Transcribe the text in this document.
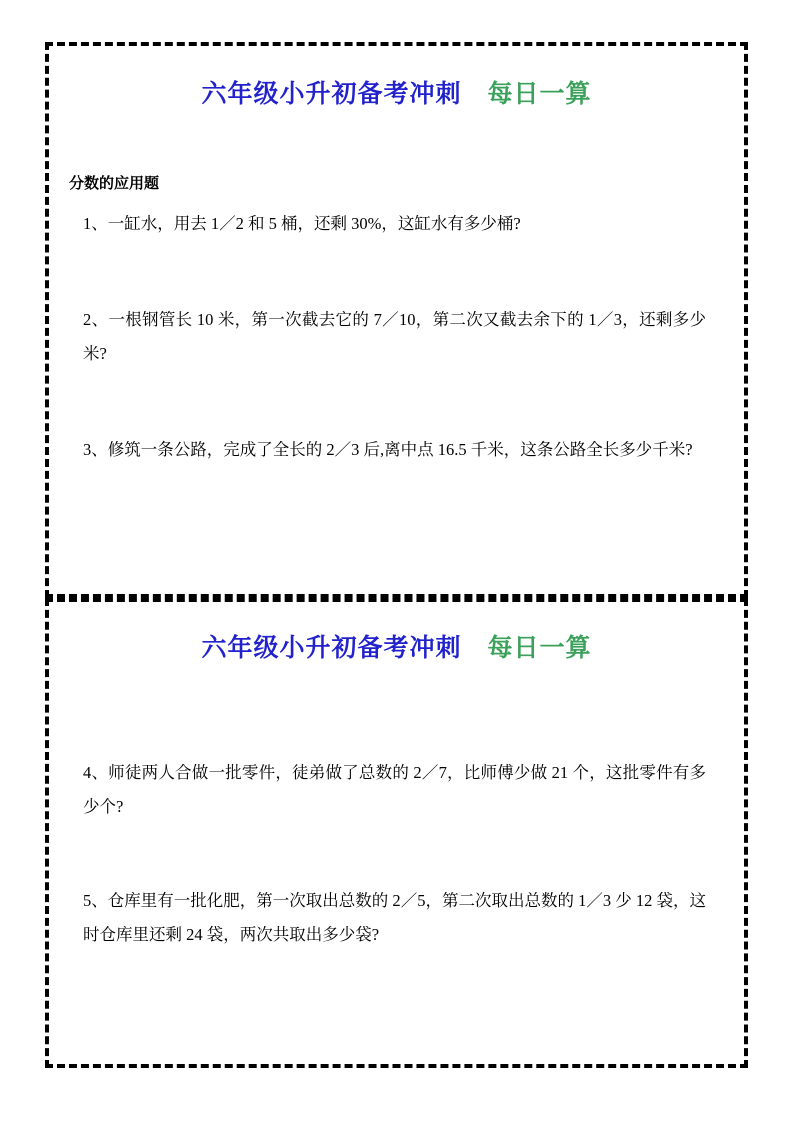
六年级小升初备考冲刺 每日一算
分数的应用题
1、一缸水，用去 1／2 和 5 桶，还剩 30%，这缸水有多少桶?
2、一根钢管长 10 米，第一次截去它的 7／10，第二次又截去余下的 1／3，还剩多少米?
3、修筑一条公路，完成了全长的 2／3 后,离中点 16.5 千米，这条公路全长多少千米?
六年级小升初备考冲刺 每日一算
4、师徒两人合做一批零件，徒弟做了总数的 2／7，比师傅少做 21 个，这批零件有多少个?
5、仓库里有一批化肥，第一次取出总数的 2／5，第二次取出总数的 1／3 少 12 袋，这时仓库里还剩 24 袋，两次共取出多少袋?
